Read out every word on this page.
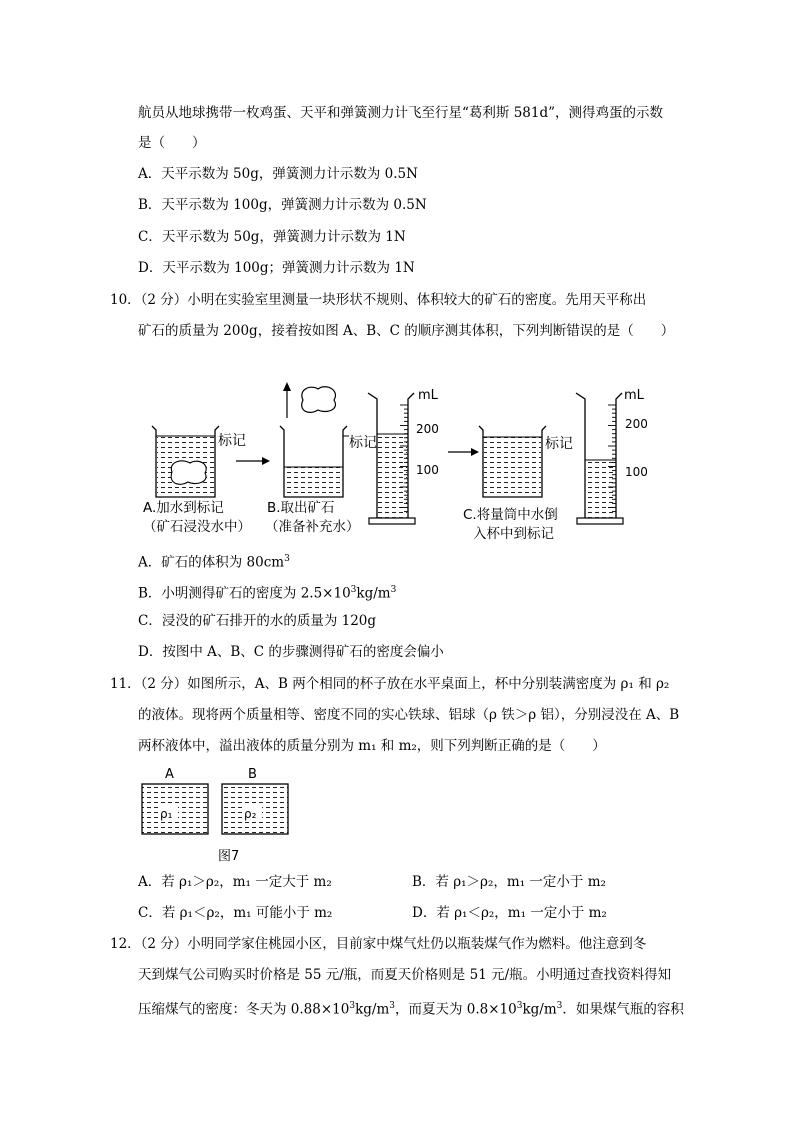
航员从地球携带一枚鸡蛋、天平和弹簧测力计飞至行星“葛利斯 581d”，测得鸡蛋的示数
是（　　）
A．天平示数为 50g，弹簧测力计示数为 0.5N
B．天平示数为 100g，弹簧测力计示数为 0.5N
C．天平示数为 50g，弹簧测力计示数为 1N
D．天平示数为 100g；弹簧测力计示数为 1N
10．（2 分）小明在实验室里测量一块形状不规则、体积较大的矿石的密度。先用天平称出
矿石的质量为 200g，接着按如图 A、B、C 的顺序测其体积，下列判断错误的是（　　）
标记	标记
mL
200
100
标记
mL
200
100
A.加水到标记
（矿石浸没水中）
B.取出矿石
（准备补充水）
C.将量筒中水倒
入杯中到标记
A	B
ρ₁	ρ₂
图7
A．矿石的体积为 $80cm^3$
B．小明测得矿石的密度为 $2.5\times 10^3kg/m^3$
C．浸没的矿石排开的水的质量为 120g
D．按图中 A、B、C 的步骤测得矿石的密度会偏小
11．（2 分）如图所示，A、B 两个相同的杯子放在水平桌面上，杯中分别装满密度为 ρ₁ 和 ρ₂
的液体。现将两个质量相等、密度不同的实心铁球、铝球（ρ 铁＞ρ 铝），分别浸没在 A、B
两杯液体中，溢出液体的质量分别为 m₁ 和 m₂，则下列判断正确的是（　　）
A．若 ρ₁＞ρ₂，m₁ 一定大于 m₂	B．若 ρ₁＞ρ₂，m₁ 一定小于 m₂
C．若 ρ₁＜ρ₂，m₁ 可能小于 m₂	D．若 ρ₁＜ρ₂，m₁ 一定小于 m₂
12．（2 分）小明同学家住桃园小区，目前家中煤气灶仍以瓶装煤气作为燃料。他注意到冬
天到煤气公司购买时价格是 55 元/瓶，而夏天价格则是 51 元/瓶。小明通过查找资料得知
压缩煤气的密度：冬天为 $0.88\times 10^3kg/m^3$，而夏天为 $0.8\times 10^3kg/m^3$．如果煤气瓶的容积
